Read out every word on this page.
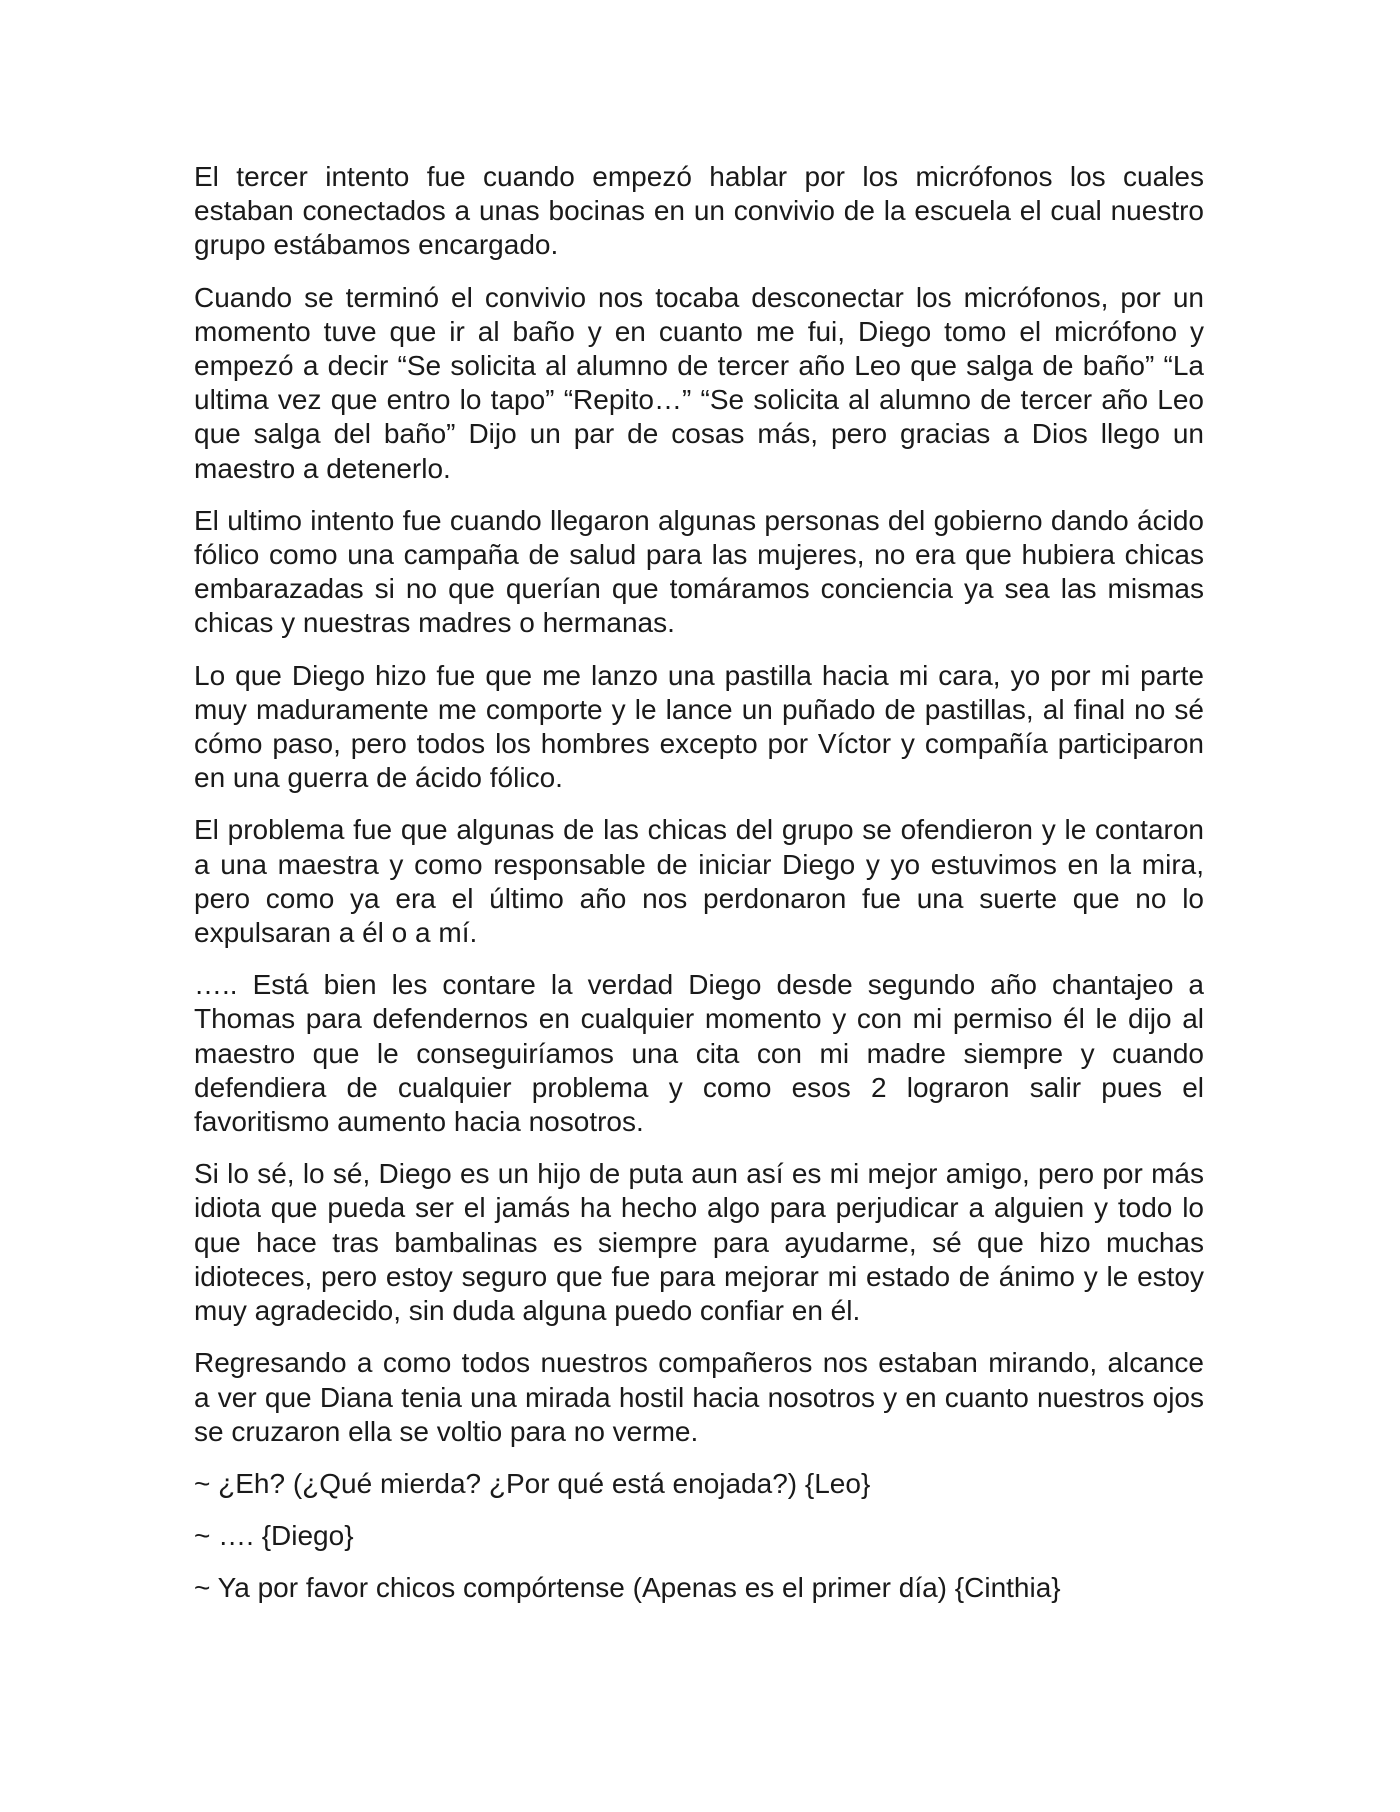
El tercer intento fue cuando empezó hablar por los micrófonos los cuales estaban conectados a unas bocinas en un convivio de la escuela el cual nuestro grupo estábamos encargado.

Cuando se terminó el convivio nos tocaba desconectar los micrófonos, por un momento tuve que ir al baño y en cuanto me fui, Diego tomo el micrófono y empezó a decir “Se solicita al alumno de tercer año Leo que salga de baño” “La ultima vez que entro lo tapo” “Repito…” “Se solicita al alumno de tercer año Leo que salga del baño” Dijo un par de cosas más, pero gracias a Dios llego un maestro a detenerlo.

El ultimo intento fue cuando llegaron algunas personas del gobierno dando ácido fólico como una campaña de salud para las mujeres, no era que hubiera chicas embarazadas si no que querían que tomáramos conciencia ya sea las mismas chicas y nuestras madres o hermanas.

Lo que Diego hizo fue que me lanzo una pastilla hacia mi cara, yo por mi parte muy maduramente me comporte y le lance un puñado de pastillas, al final no sé cómo paso, pero todos los hombres excepto por Víctor y compañía participaron en una guerra de ácido fólico.

El problema fue que algunas de las chicas del grupo se ofendieron y le contaron a una maestra y como responsable de iniciar Diego y yo estuvimos en la mira, pero como ya era el último año nos perdonaron fue una suerte que no lo expulsaran a él o a mí.

….. Está bien les contare la verdad Diego desde segundo año chantajeo a Thomas para defendernos en cualquier momento y con mi permiso él le dijo al maestro que le conseguiríamos una cita con mi madre siempre y cuando defendiera de cualquier problema y como esos 2 lograron salir pues el favoritismo aumento hacia nosotros.

Si lo sé, lo sé, Diego es un hijo de puta aun así es mi mejor amigo, pero por más idiota que pueda ser el jamás ha hecho algo para perjudicar a alguien y todo lo que hace tras bambalinas es siempre para ayudarme, sé que hizo muchas idioteces, pero estoy seguro que fue para mejorar mi estado de ánimo y le estoy muy agradecido, sin duda alguna puedo confiar en él.

Regresando a como todos nuestros compañeros nos estaban mirando, alcance a ver que Diana tenia una mirada hostil hacia nosotros y en cuanto nuestros ojos se cruzaron ella se voltio para no verme.

~ ¿Eh? (¿Qué mierda? ¿Por qué está enojada?) {Leo}

~ …. {Diego}

~ Ya por favor chicos compórtense (Apenas es el primer día) {Cinthia}
